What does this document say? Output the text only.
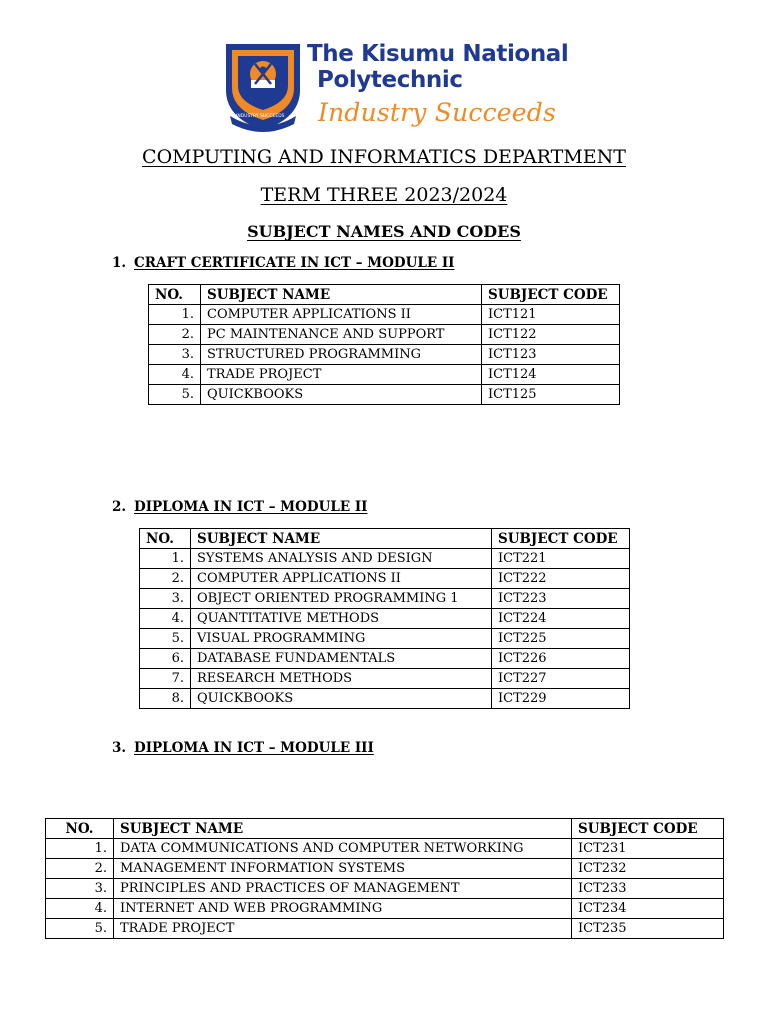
INDUSTRY SUCCEEDS
The Kisumu National
Polytechnic
Industry Succeeds
COMPUTING AND INFORMATICS DEPARTMENT
TERM THREE 2023/2024
SUBJECT NAMES AND CODES
1. CRAFT CERTIFICATE IN ICT – MODULE II
NO.	SUBJECT NAME	SUBJECT CODE
1.	COMPUTER APPLICATIONS II	ICT121
2.	PC MAINTENANCE AND SUPPORT	ICT122
3.	STRUCTURED PROGRAMMING	ICT123
4.	TRADE PROJECT	ICT124
5.	QUICKBOOKS	ICT125
2. DIPLOMA IN ICT – MODULE II
NO.	SUBJECT NAME	SUBJECT CODE
1.	SYSTEMS ANALYSIS AND DESIGN	ICT221
2.	COMPUTER APPLICATIONS II	ICT222
3.	OBJECT ORIENTED PROGRAMMING 1	ICT223
4.	QUANTITATIVE METHODS	ICT224
5.	VISUAL PROGRAMMING	ICT225
6.	DATABASE FUNDAMENTALS	ICT226
7.	RESEARCH METHODS	ICT227
8.	QUICKBOOKS	ICT229
3. DIPLOMA IN ICT – MODULE III
NO.	SUBJECT NAME	SUBJECT CODE
1.	DATA COMMUNICATIONS AND COMPUTER NETWORKING	ICT231
2.	MANAGEMENT INFORMATION SYSTEMS	ICT232
3.	PRINCIPLES AND PRACTICES OF MANAGEMENT	ICT233
4.	INTERNET AND WEB PROGRAMMING	ICT234
5.	TRADE PROJECT	ICT235
